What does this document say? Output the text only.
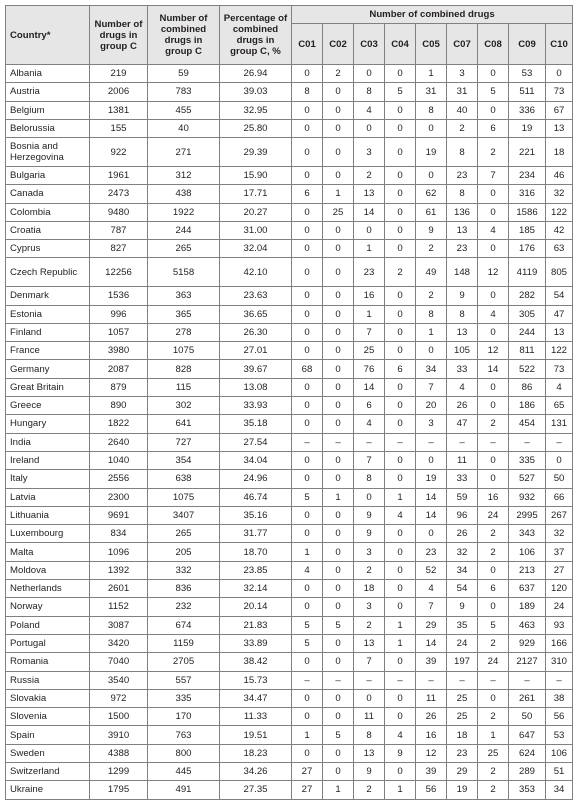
Country*	Number of drugs in group C	Number of combined drugs in group C	Percentage of combined drugs in group C, %	Number of combined drugs								
				C01	C02	C03	C04	C05	C07	C08	C09	C10
Albania	219	59	26.94	0	2	0	0	1	3	0	53	0
Austria	2006	783	39.03	8	0	8	5	31	31	5	511	73
Belgium	1381	455	32.95	0	0	4	0	8	40	0	336	67
Belorussia	155	40	25.80	0	0	0	0	0	2	6	19	13
Bosnia and Herzegovina	922	271	29.39	0	0	3	0	19	8	2	221	18
Bulgaria	1961	312	15.90	0	0	2	0	0	23	7	234	46
Canada	2473	438	17.71	6	1	13	0	62	8	0	316	32
Colombia	9480	1922	20.27	0	25	14	0	61	136	0	1586	122
Croatia	787	244	31.00	0	0	0	0	9	13	4	185	42
Cyprus	827	265	32.04	0	0	1	0	2	23	0	176	63
Czech Republic	12256	5158	42.10	0	0	23	2	49	148	12	4119	805
Denmark	1536	363	23.63	0	0	16	0	2	9	0	282	54
Estonia	996	365	36.65	0	0	1	0	8	8	4	305	47
Finland	1057	278	26.30	0	0	7	0	1	13	0	244	13
France	3980	1075	27.01	0	0	25	0	0	105	12	811	122
Germany	2087	828	39.67	68	0	76	6	34	33	14	522	73
Great Britain	879	115	13.08	0	0	14	0	7	4	0	86	4
Greece	890	302	33.93	0	0	6	0	20	26	0	186	65
Hungary	1822	641	35.18	0	0	4	0	3	47	2	454	131
India	2640	727	27.54	–	–	–	–	–	–	–	–	–
Ireland	1040	354	34.04	0	0	7	0	0	11	0	335	0
Italy	2556	638	24.96	0	0	8	0	19	33	0	527	50
Latvia	2300	1075	46.74	5	1	0	1	14	59	16	932	66
Lithuania	9691	3407	35.16	0	0	9	4	14	96	24	2995	267
Luxembourg	834	265	31.77	0	0	9	0	0	26	2	343	32
Malta	1096	205	18.70	1	0	3	0	23	32	2	106	37
Moldova	1392	332	23.85	4	0	2	0	52	34	0	213	27
Netherlands	2601	836	32.14	0	0	18	0	4	54	6	637	120
Norway	1152	232	20.14	0	0	3	0	7	9	0	189	24
Poland	3087	674	21.83	5	5	2	1	29	35	5	463	93
Portugal	3420	1159	33.89	5	0	13	1	14	24	2	929	166
Romania	7040	2705	38.42	0	0	7	0	39	197	24	2127	310
Russia	3540	557	15.73	–	–	–	–	–	–	–	–	–
Slovakia	972	335	34.47	0	0	0	0	11	25	0	261	38
Slovenia	1500	170	11.33	0	0	11	0	26	25	2	50	56
Spain	3910	763	19.51	1	5	8	4	16	18	1	647	53
Sweden	4388	800	18.23	0	0	13	9	12	23	25	624	106
Switzerland	1299	445	34.26	27	0	9	0	39	29	2	289	51
Ukraine	1795	491	27.35	27	1	2	1	56	19	2	353	34
